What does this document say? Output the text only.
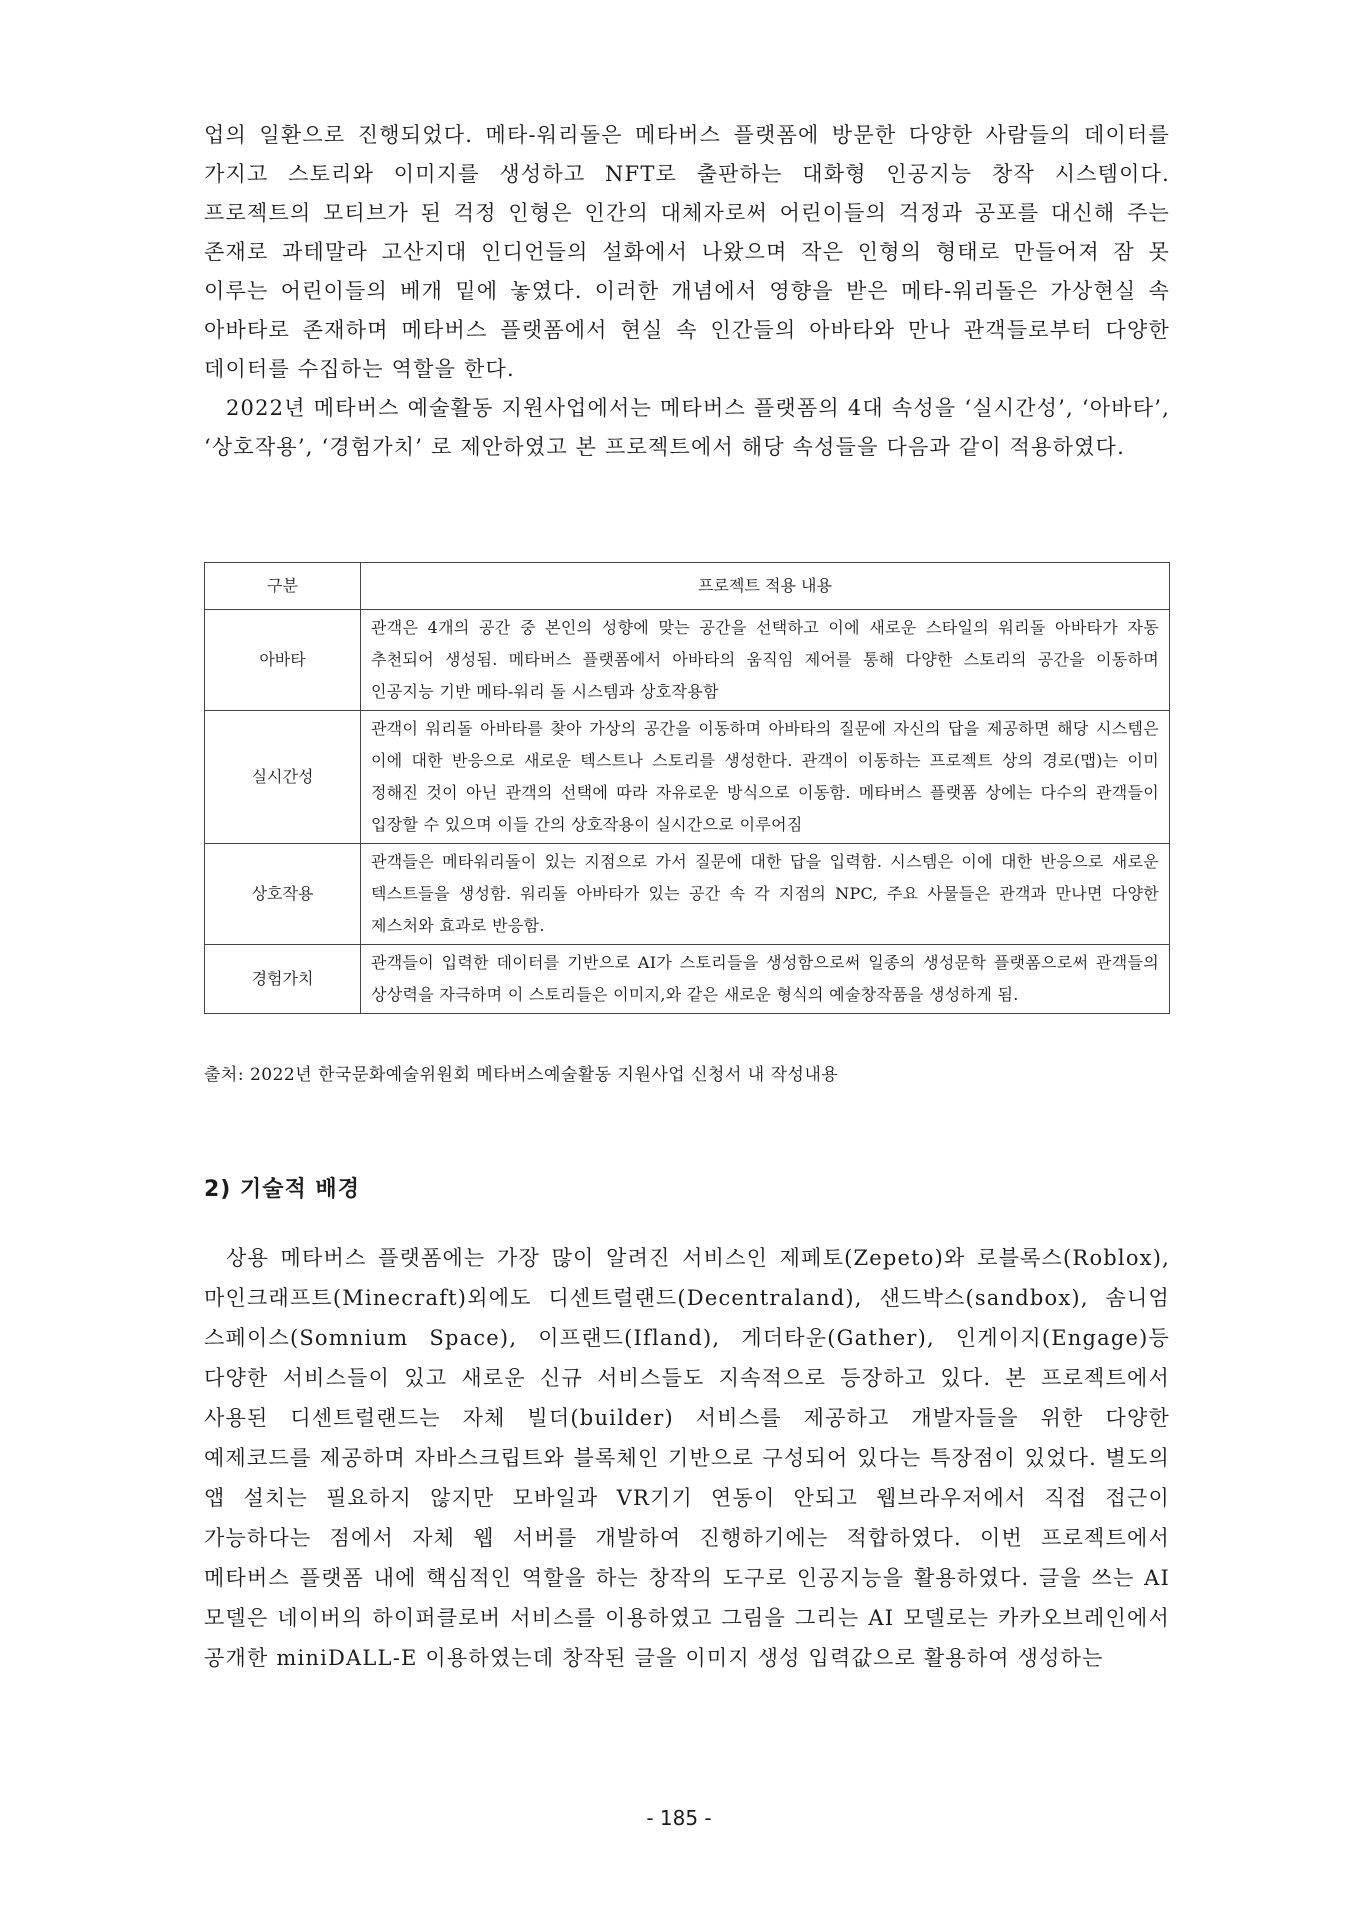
업의 일환으로 진행되었다. 메타-워리돌은 메타버스 플랫폼에 방문한 다양한 사람들의 데이터를 가지고 스토리와 이미지를 생성하고 NFT로 출판하는 대화형 인공지능 창작 시스템이다. 프로젝트의 모티브가 된 걱정 인형은 인간의 대체자로써 어린이들의 걱정과 공포를 대신해 주는 존재로 과테말라 고산지대 인디언들의 설화에서 나왔으며 작은 인형의 형태로 만들어져 잠 못 이루는 어린이들의 베개 밑에 놓였다. 이러한 개념에서 영향을 받은 메타-워리돌은 가상현실 속 아바타로 존재하며 메타버스 플랫폼에서 현실 속 인간들의 아바타와 만나 관객들로부터 다양한 데이터를 수집하는 역할을 한다.
2022년 메타버스 예술활동 지원사업에서는 메타버스 플랫폼의 4대 속성을 ‘실시간성’, ‘아바타’, ‘상호작용’, ‘경험가치’ 로 제안하였고 본 프로젝트에서 해당 속성들을 다음과 같이 적용하였다.

구분	프로젝트 적용 내용
아바타	관객은 4개의 공간 중 본인의 성향에 맞는 공간을 선택하고 이에 새로운 스타일의 워리돌 아바타가 자동 추천되어 생성됨. 메타버스 플랫폼에서 아바타의 움직임 제어를 통해 다양한 스토리의 공간을 이동하며 인공지능 기반 메타-워리 돌 시스템과 상호작용함
실시간성	관객이 워리돌 아바타를 찾아 가상의 공간을 이동하며 아바타의 질문에 자신의 답을 제공하면 해당 시스템은 이에 대한 반응으로 새로운 텍스트나 스토리를 생성한다. 관객이 이동하는 프로젝트 상의 경로(맵)는 이미 정해진 것이 아닌 관객의 선택에 따라 자유로운 방식으로 이동함. 메타버스 플랫폼 상에는 다수의 관객들이 입장할 수 있으며 이들 간의 상호작용이 실시간으로 이루어짐
상호작용	관객들은 메타워리돌이 있는 지점으로 가서 질문에 대한 답을 입력함. 시스템은 이에 대한 반응으로 새로운 텍스트들을 생성함. 워리돌 아바타가 있는 공간 속 각 지점의 NPC, 주요 사물들은 관객과 만나면 다양한 제스처와 효과로 반응함.
경험가치	관객들이 입력한 데이터를 기반으로 AI가 스토리들을 생성함으로써 일종의 생성문학 플랫폼으로써 관객들의 상상력을 자극하며 이 스토리들은 이미지,와 같은 새로운 형식의 예술창작품을 생성하게 됨.
출처: 2022년 한국문화예술위원회 메타버스예술활동 지원사업 신청서 내 작성내용
2) 기술적 배경

상용 메타버스 플랫폼에는 가장 많이 알려진 서비스인 제페토(Zepeto)와 로블록스(Roblox), 마인크래프트(Minecraft)외에도 디센트럴랜드(Decentraland), 샌드박스(sandbox), 솜니엄 스페이스(Somnium Space), 이프랜드(Ifland), 게더타운(Gather), 인게이지(Engage)등 다양한 서비스들이 있고 새로운 신규 서비스들도 지속적으로 등장하고 있다. 본 프로젝트에서 사용된 디센트럴랜드는 자체 빌더(builder) 서비스를 제공하고 개발자들을 위한 다양한 예제코드를 제공하며 자바스크립트와 블록체인 기반으로 구성되어 있다는 특장점이 있었다. 별도의 앱 설치는 필요하지 않지만 모바일과 VR기기 연동이 안되고 웹브라우저에서 직접 접근이 가능하다는 점에서 자체 웹 서버를 개발하여 진행하기에는 적합하였다. 이번 프로젝트에서 메타버스 플랫폼 내에 핵심적인 역할을 하는 창작의 도구로 인공지능을 활용하였다. 글을 쓰는 AI 모델은 네이버의 하이퍼클로버 서비스를 이용하였고 그림을 그리는 AI 모델로는 카카오브레인에서 공개한 miniDALL-E 이용하였는데 창작된 글을 이미지 생성 입력값으로 활용하여 생성하는

- 185 -
